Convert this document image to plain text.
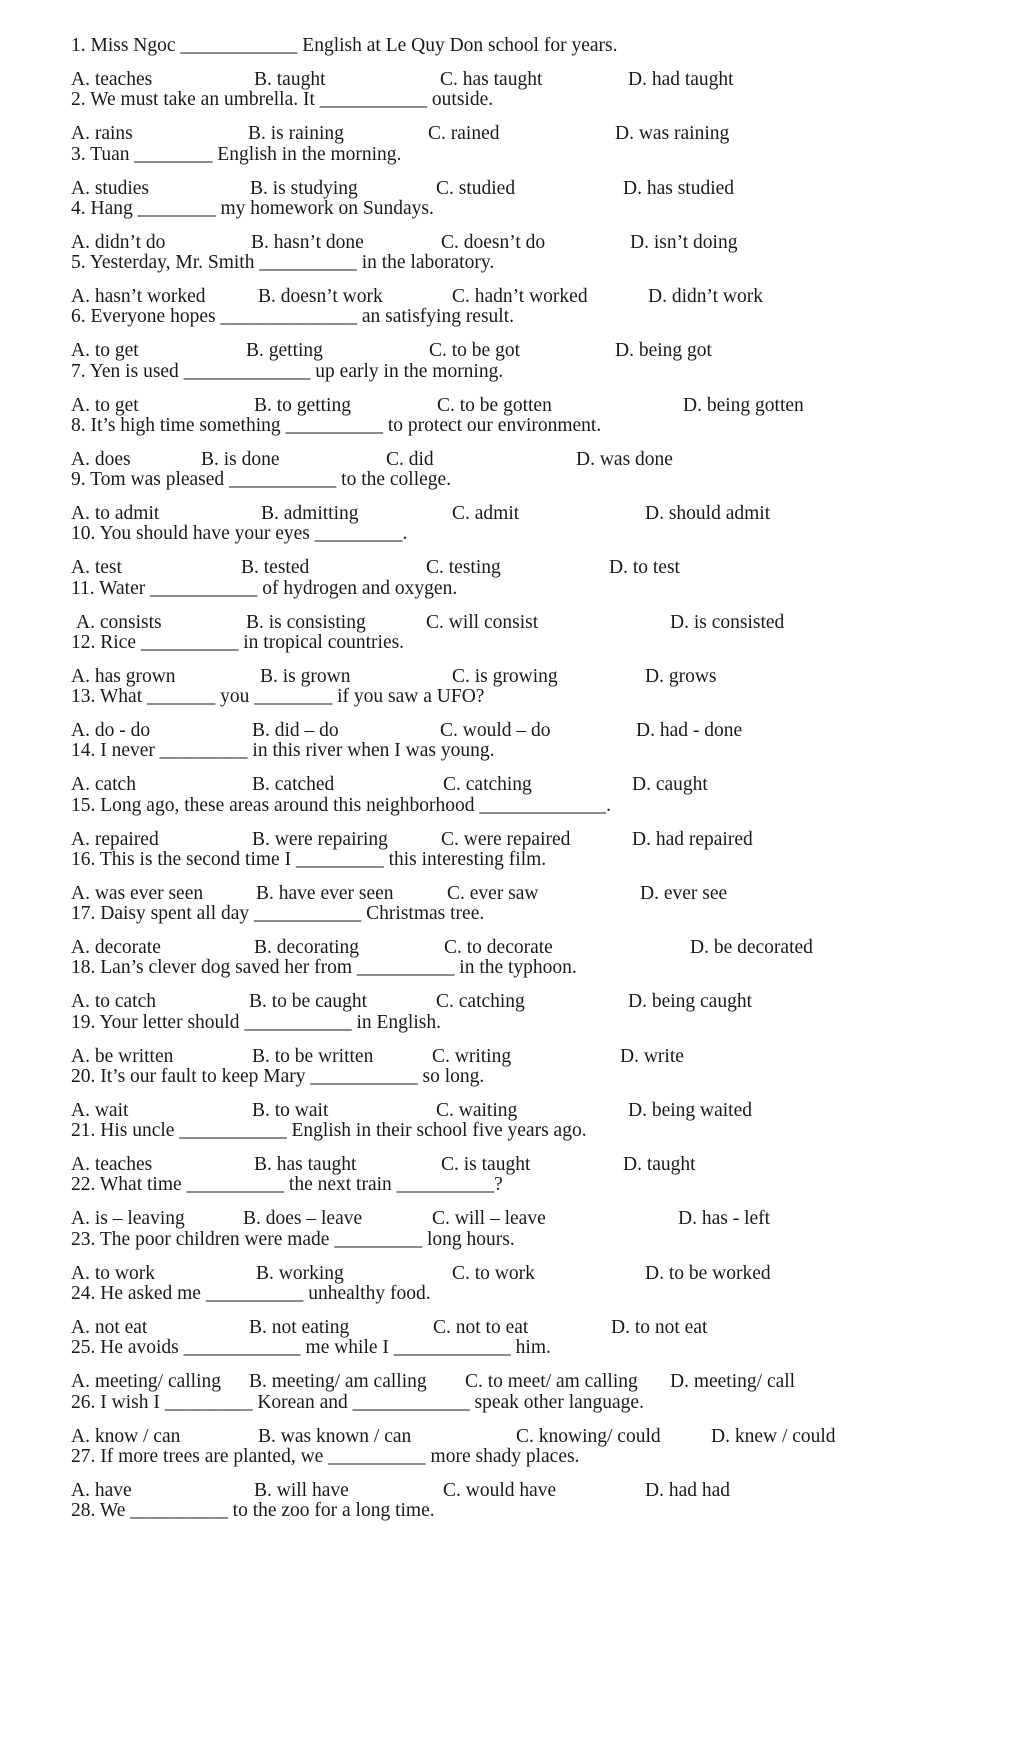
1. Miss Ngoc ____________ English at Le Quy Don school for years.
A. teaches	B. taught	C. has taught	D. had taught
2. We must take an umbrella. It ___________ outside.
A. rains	B. is raining	C. rained	D. was raining
3. Tuan ________ English in the morning.
A. studies	B. is studying	C. studied	D. has studied
4. Hang ________ my homework on Sundays.
A. didn’t do	B. hasn’t done	C. doesn’t do	D. isn’t doing
5. Yesterday, Mr. Smith __________ in the laboratory.
A. hasn’t worked	B. doesn’t work	C. hadn’t worked	D. didn’t work
6. Everyone hopes ______________ an satisfying result.
A. to get	B. getting	C. to be got	D. being got
7. Yen is used _____________ up early in the morning.
A. to get	B. to getting	C. to be gotten	D. being gotten
8. It’s high time something __________ to protect our environment.
A. does	B. is done	C. did	D. was done
9. Tom was pleased ___________ to the college.
A. to admit	B. admitting	C. admit	D. should admit
10. You should have your eyes _________.
A. test	B. tested	C. testing	D. to test
11. Water ___________ of hydrogen and oxygen.
A. consists	B. is consisting	C. will consist	D. is consisted
12. Rice __________ in tropical countries.
A. has grown	B. is grown	C. is growing	D. grows
13. What _______ you ________ if you saw a UFO?
A. do - do	B. did – do	C. would – do	D. had - done
14. I never _________ in this river when I was young.
A. catch	B. catched	C. catching	D. caught
15. Long ago, these areas around this neighborhood _____________.
A. repaired	B. were repairing	C. were repaired	D. had repaired
16. This is the second time I _________ this interesting film.
A. was ever seen	B. have ever seen	C. ever saw	D. ever see
17. Daisy spent all day ___________ Christmas tree.
A. decorate	B. decorating	C. to decorate	D. be decorated
18. Lan’s clever dog saved her from __________ in the typhoon.
A. to catch	B. to be caught	C. catching	D. being caught
19. Your letter should ___________ in English.
A. be written	B. to be written	C. writing	D. write
20. It’s our fault to keep Mary ___________ so long.
A. wait	B. to wait	C. waiting	D. being waited
21. His uncle ___________ English in their school five years ago.
A. teaches	B. has taught	C. is taught	D. taught
22. What time __________ the next train __________?
A. is – leaving	B. does – leave	C. will – leave	D. has - left
23. The poor children were made _________ long hours.
A. to work	B. working	C. to work	D. to be worked
24. He asked me __________ unhealthy food.
A. not eat	B. not eating	C. not to eat	D. to not eat
25. He avoids ____________ me while I ____________ him.
A. meeting/ calling B. meeting/ am calling C. to meet/ am calling D. meeting/ call
26. I wish I _________ Korean and ____________ speak other language.
A. know / can	B. was known / can	C. knowing/ could	D. knew / could
27. If more trees are planted, we __________ more shady places.
A. have	B. will have	C. would have	D. had had
28. We __________ to the zoo for a long time.
